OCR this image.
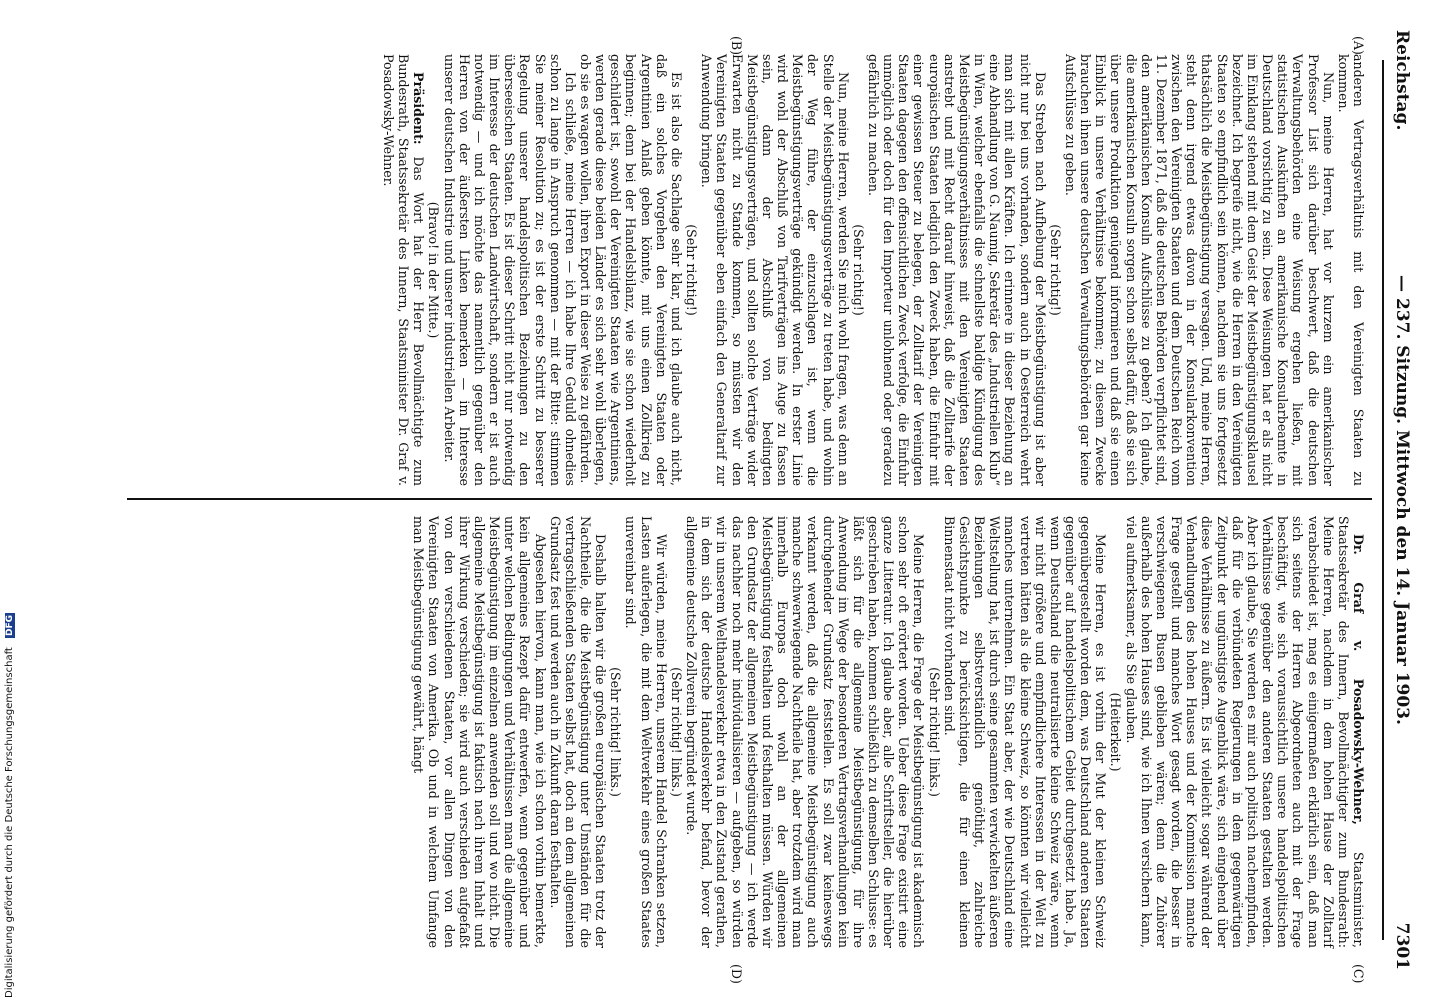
Reichstag.
— 237. Sitzung. Mittwoch den 14. Januar 1903.
7301
(A)
(B)
(C)
(D)

anderen Vertragsverhältnis mit den Vereinigten Staaten zu kommen.

Nun, meine Herren, hat vor kurzem ein amerikanischer Professor List sich darüber beschwert, daß die deutschen Verwaltungsbehörden eine Weisung ergehen ließen, mit statistischen Auskünften an amerikanische Konsularbeamte in Deutschland vorsichtig zu sein. Diese Weisungen hat er als nicht im Einklang stehend mit dem Geist der Meistbegünstigungsklausel bezeichnet. Ich begreife nicht, wie die Herren in den Vereinigten Staaten so empfindlich sein können, nachdem sie uns fortgesetzt thatsächlich die Meistbegünstigung versagen. Und, meine Herren, steht denn irgend etwas davon in der Konsularkonvention zwischen den Vereinigten Staaten und dem Deutschen Reich vom 11. Dezember 1871, daß die deutschen Behörden verpflichtet sind, den amerikanischen Konsuln Aufschlüsse zu geben? Ich glaube, die amerikanischen Konsuln sorgen schon selbst dafür, daß sie sich über unsere Produktion genügend informieren und daß sie einen Einblick in unsere Verhältnisse bekommen; zu diesem Zwecke brauchen ihnen unsere deutschen Verwaltungsbehörden gar keine Aufschlüsse zu geben.

(Sehr richtig!)

Das Streben nach Aufhebung der Meistbegünstigung ist aber nicht nur bei uns vorhanden, sondern auch in Oesterreich wehrt man sich mit allen Kräften. Ich erinnere in dieser Beziehung an eine Abhandlung von G. Naumig, Sekretär des „Industriellen Klub“ in Wien, welcher ebenfalls die schnellste baldige Kündigung des Meistbegünstigungsverhältnisses mit den Vereinigten Staaten anstrebt und mit Recht darauf hinweist, daß die Zolltarife der europäischen Staaten lediglich den Zweck haben, die Einfuhr mit einer gewissen Steuer zu belegen, der Zolltarif der Vereinigten Staaten dagegen den offensichtlichen Zweck verfolge, die Einfuhr unmöglich oder doch für den Importeur unlohnend oder geradezu gefährlich zu machen.

(Sehr richtig!)

Nun, meine Herren, werden Sie mich wohl fragen, was denn an Stelle der Meistbegünstigungsverträge zu treten habe, und wohin der Weg führe, der einzuschlagen ist, wenn die Meistbegünstigungsverträge gekündigt werden. In erster Linie wird wohl der Abschluß von Tarifverträgen ins Auge zu fassen sein, dann der Abschluß von bedingten Meistbegünstigungsverträgen, und sollten solche Verträge wider Erwarten nicht zu Stande kommen, so müssten wir den Vereinigten Staaten gegenüber eben einfach den Generaltarif zur Anwendung bringen.

(Sehr richtig!)

Es ist also die Sachlage sehr klar, und ich glaube auch nicht, daß ein solches Vorgehen den Vereinigten Staaten oder Argentinien Anlaß geben könnte, mit uns einen Zollkrieg zu beginnen; denn bei der Handelsbilanz, wie sie schon wiederholt geschildert ist, sowohl der Vereinigten Staaten wie Argentiniens, werden gerade diese beiden Länder es sich sehr wohl überlegen, ob sie es wagen wollen, ihren Export in dieser Weise zu gefährden.

Ich schließe, meine Herren — ich habe Ihre Geduld ohnedies schon zu lange in Anspruch genommen — mit der Bitte: stimmen Sie meiner Resolution zu; es ist der erste Schritt zu besserer Regelung unserer handelspolitischen Beziehungen zu den überseeischen Staaten. Es ist dieser Schritt nicht nur notwendig im Interesse der deutschen Landwirtschaft, sondern er ist auch notwendig — und ich möchte das namentlich gegenüber den Herren von der äußersten Linken bemerken — im Interesse unserer deutschen Industrie und unserer industriellen Arbeiter.

(Bravo! in der Mitte.)

Präsident: Das Wort hat der Herr Bevollmächtigte zum Bundesrath, Staatssekretär des Innern, Staatsminister Dr. Graf v. Posadowsky-Wehner.

Dr. Graf v. Posadowsky-Wehner, Staatsminister, Staatssekretär des Innern, Bevollmächtigter zum Bundesrath: Meine Herren, nachdem in dem hohen Hause der Zolltarif verabschiedet ist, mag es einigermaßen erklärlich sein, daß man sich seitens der Herren Abgeordneten auch mit der Frage beschäftigt, wie sich voraussichtlich unsere handelspolitischen Verhältnisse gegenüber den anderen Staaten gestalten werden. Aber ich glaube, Sie werden es mir auch politisch nachempfinden, daß für die verbündeten Regierungen in dem gegenwärtigen Zeitpunkt der ungünstigste Augenblick wäre, sich eingehend über diese Verhältnisse zu äußern. Es ist vielleicht sogar während der Verhandlungen des hohen Hauses und der Kommission manche Frage gestellt und manches Wort gesagt worden, die besser in verschwiegenen Busen geblieben wären; denn die Zuhörer außerhalb des hohen Hauses sind, wie ich Ihnen versichern kann, viel aufmerksamer, als Sie glauben.

(Heiterkeit.)

Meine Herren, es ist vorhin der Mut der kleinen Schweiz gegenübergestellt worden dem, was Deutschland anderen Staaten gegenüber auf handelspolitischem Gebiet durchgesetzt habe. Ja, wenn Deutschland die neutralisierte kleine Schweiz wäre, wenn wir nicht größere und empfindlichere Interessen in der Welt zu vertreten hätten als die kleine Schweiz, so könnten wir vielleicht manches unternehmen. Ein Staat aber, der wie Deutschland eine Weltstellung hat, ist durch seine gesammten verwickelten äußeren Beziehungen selbstverständlich genöthigt, zahlreiche Gesichtspunkte zu berücksichtigen, die für einen kleinen Binnenstaat nicht vorhanden sind.

(Sehr richtig! links.)

Meine Herren, die Frage der Meistbegünstigung ist akademisch schon sehr oft erörtert worden. Ueber diese Frage existirt eine ganze Litteratur. Ich glaube aber, alle Schriftsteller, die hierüber geschrieben haben, kommen schließlich zu demselben Schlusse: es läßt sich für die allgemeine Meistbegünstigung, für ihre Anwendung im Wege der besonderen Vertragsverhandlungen kein durchgehender Grundsatz feststellen. Es soll zwar keineswegs verkannt werden, daß die allgemeine Meistbegünstigung auch manche schwerwiegende Nachtheile hat, aber trotzdem wird man innerhalb Europas doch wohl an der allgemeinen Meistbegünstigung festhalten und festhalten müssen. Würden wir den Grundsatz der allgemeinen Meistbegünstigung — ich werde das nachher noch mehr individualisieren — aufgeben, so würden wir in unserem Welthandelsverkehr etwa in den Zustand gerathen, in dem sich der deutsche Handelsverkehr befand, bevor der allgemeine deutsche Zollverein begründet wurde.

(Sehr richtig! links.)

Wir würden, meine Herren, unserem Handel Schranken setzen, Lasten auferlegen, die mit dem Weltverkehr eines großen Staates unvereinbar sind.

(Sehr richtig! links.)

Deshalb halten wir die großen europäischen Staaten trotz der Nachtheile, die die Meistbegünstigung unter Umständen für die vertragschließenden Staaten selbst hat, doch an dem allgemeinen Grundsatz fest und werden auch in Zukunft daran festhalten.

Abgesehen hiervon, kann man, wie ich schon vorhin bemerkte, kein allgemeines Rezept dafür entwerfen, wenn gegenüber und unter welchen Bedingungen und Verhältnissen man die allgemeine Meistbegünstigung im einzelnen anwenden soll und wo nicht. Die allgemeine Meistbegünstigung ist faktisch nach ihrem Inhalt und ihrer Wirkung verschieden; sie wird auch verschieden aufgefaßt von den verschiedenen Staaten, vor allen Dingen von den Vereinigten Staaten von Amerika. Ob und in welchem Umfange man Meistbegünstigung gewährt, hängt

Digitalisierung gefördert durch die Deutsche Forschungsgemeinschaft DFG
